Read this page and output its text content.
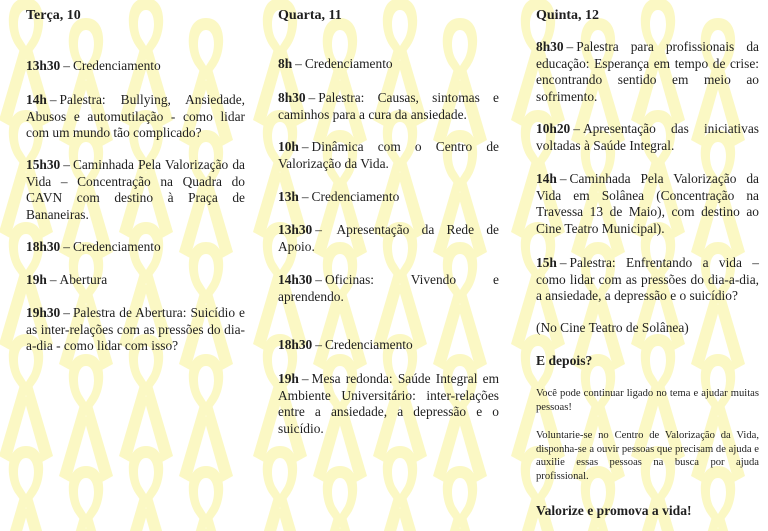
Terça, 10

13h30 – Credenciamento

14h – Palestra: Bullying, Ansiedade, Abusos e automutilação - como lidar com um mundo tão complicado?

15h30 – Caminhada Pela Valorização da Vida – Concentração na Quadra do CAVN com destino à Praça de Bananeiras.

18h30 – Credenciamento

19h – Abertura

19h30 – Palestra de Abertura: Suicídio e as inter-relações com as pressões do dia-a-dia - como lidar com isso?

Quarta, 11

8h – Credenciamento

8h30 – Palestra: Causas, sintomas e caminhos para a cura da ansiedade.

10h – Dinâmica com o Centro de Valorização da Vida.

13h – Credenciamento

13h30 – Apresentação da Rede de Apoio.

14h30 – Oficinas: Vivendo e aprendendo.

18h30 – Credenciamento

19h – Mesa redonda: Saúde Integral em Ambiente Universitário: inter-relações entre a ansiedade, a depressão e o suicídio.

Quinta, 12

8h30 – Palestra para profissionais da educação: Esperança em tempo de crise: encontrando sentido em meio ao sofrimento.

10h20 – Apresentação das iniciativas voltadas à Saúde Integral.

14h – Caminhada Pela Valorização da Vida em Solânea (Concentração na Travessa 13 de Maio), com destino ao Cine Teatro Municipal).

15h – Palestra: Enfrentando a vida – como lidar com as pressões do dia-a-dia, a ansiedade, a depressão e o suicídio?

(No Cine Teatro de Solânea)

E depois?

Você pode continuar ligado no tema e ajudar muitas pessoas!

Voluntarie-se no Centro de Valorização da Vida, disponha-se a ouvir pessoas que precisam de ajuda e auxilie essas pessoas na busca por ajuda profissional.

Valorize e promova a vida!
